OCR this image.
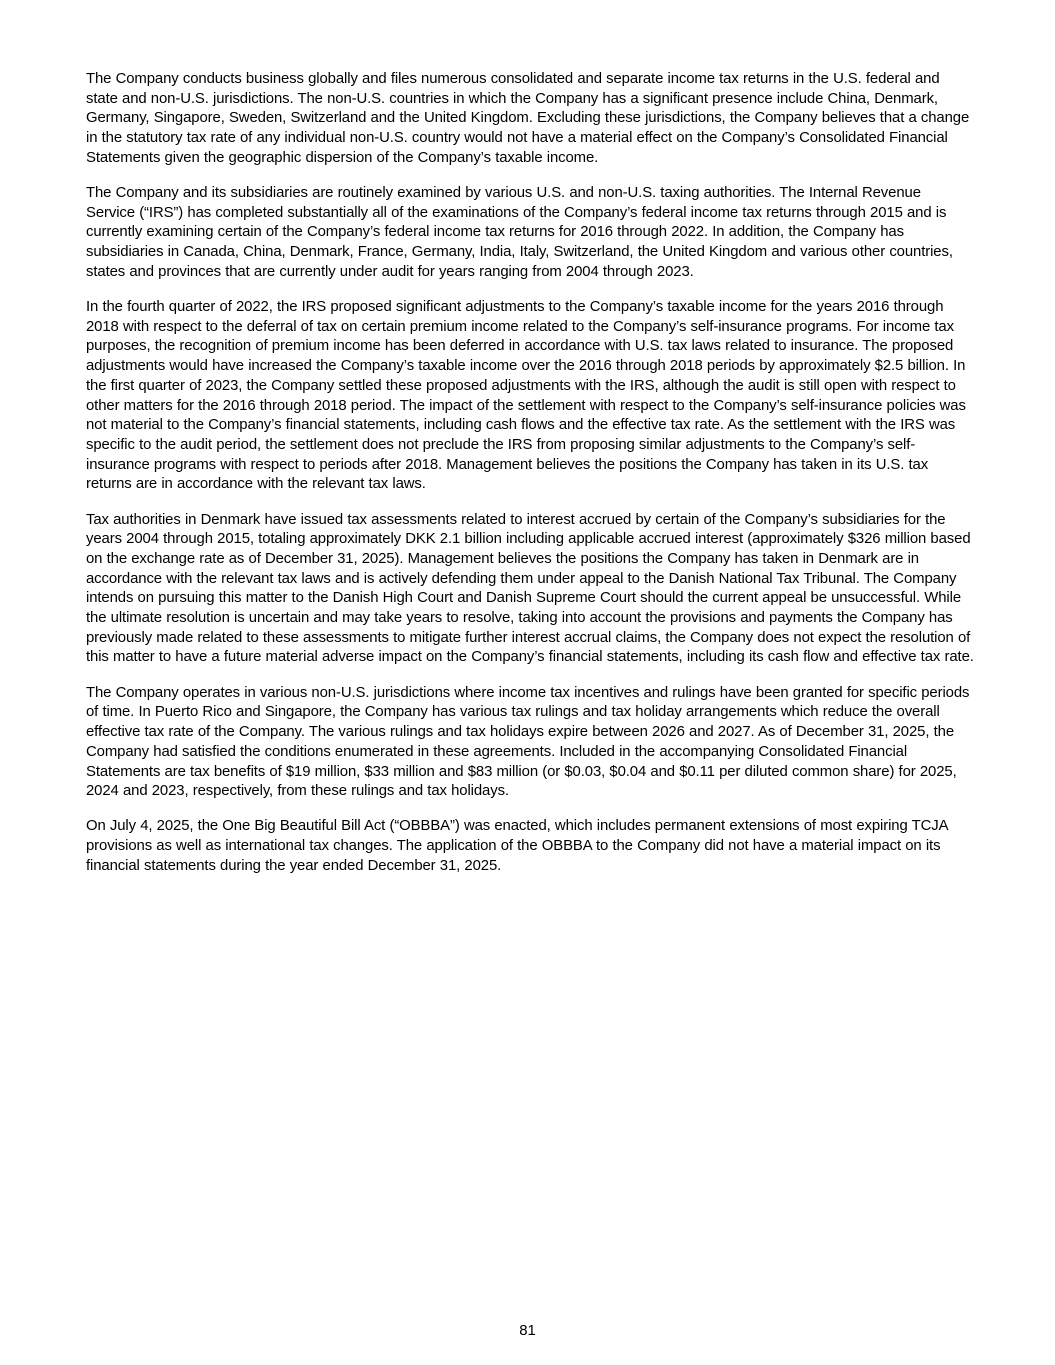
The Company conducts business globally and files numerous consolidated and separate income tax returns in the U.S. federal and state and non-U.S. jurisdictions. The non-U.S. countries in which the Company has a significant presence include China, Denmark, Germany, Singapore, Sweden, Switzerland and the United Kingdom. Excluding these jurisdictions, the Company believes that a change in the statutory tax rate of any individual non-U.S. country would not have a material effect on the Company’s Consolidated Financial Statements given the geographic dispersion of the Company’s taxable income.

The Company and its subsidiaries are routinely examined by various U.S. and non-U.S. taxing authorities. The Internal Revenue Service (“IRS”) has completed substantially all of the examinations of the Company’s federal income tax returns through 2015 and is currently examining certain of the Company’s federal income tax returns for 2016 through 2022. In addition, the Company has subsidiaries in Canada, China, Denmark, France, Germany, India, Italy, Switzerland, the United Kingdom and various other countries, states and provinces that are currently under audit for years ranging from 2004 through 2023.

In the fourth quarter of 2022, the IRS proposed significant adjustments to the Company’s taxable income for the years 2016 through 2018 with respect to the deferral of tax on certain premium income related to the Company’s self-insurance programs. For income tax purposes, the recognition of premium income has been deferred in accordance with U.S. tax laws related to insurance. The proposed adjustments would have increased the Company’s taxable income over the 2016 through 2018 periods by approximately $2.5 billion. In the first quarter of 2023, the Company settled these proposed adjustments with the IRS, although the audit is still open with respect to other matters for the 2016 through 2018 period. The impact of the settlement with respect to the Company’s self-insurance policies was not material to the Company’s financial statements, including cash flows and the effective tax rate. As the settlement with the IRS was specific to the audit period, the settlement does not preclude the IRS from proposing similar adjustments to the Company’s self-insurance programs with respect to periods after 2018. Management believes the positions the Company has taken in its U.S. tax returns are in accordance with the relevant tax laws.

Tax authorities in Denmark have issued tax assessments related to interest accrued by certain of the Company’s subsidiaries for the years 2004 through 2015, totaling approximately DKK 2.1 billion including applicable accrued interest (approximately $326 million based on the exchange rate as of December 31, 2025). Management believes the positions the Company has taken in Denmark are in accordance with the relevant tax laws and is actively defending them under appeal to the Danish National Tax Tribunal. The Company intends on pursuing this matter to the Danish High Court and Danish Supreme Court should the current appeal be unsuccessful. While the ultimate resolution is uncertain and may take years to resolve, taking into account the provisions and payments the Company has previously made related to these assessments to mitigate further interest accrual claims, the Company does not expect the resolution of this matter to have a future material adverse impact on the Company’s financial statements, including its cash flow and effective tax rate.

The Company operates in various non-U.S. jurisdictions where income tax incentives and rulings have been granted for specific periods of time. In Puerto Rico and Singapore, the Company has various tax rulings and tax holiday arrangements which reduce the overall effective tax rate of the Company. The various rulings and tax holidays expire between 2026 and 2027. As of December 31, 2025, the Company had satisfied the conditions enumerated in these agreements. Included in the accompanying Consolidated Financial Statements are tax benefits of $19 million, $33 million and $83 million (or $0.03, $0.04 and $0.11 per diluted common share) for 2025, 2024 and 2023, respectively, from these rulings and tax holidays.

On July 4, 2025, the One Big Beautiful Bill Act (“OBBBA”) was enacted, which includes permanent extensions of most expiring TCJA provisions as well as international tax changes. The application of the OBBBA to the Company did not have a material impact on its financial statements during the year ended December 31, 2025.

81
